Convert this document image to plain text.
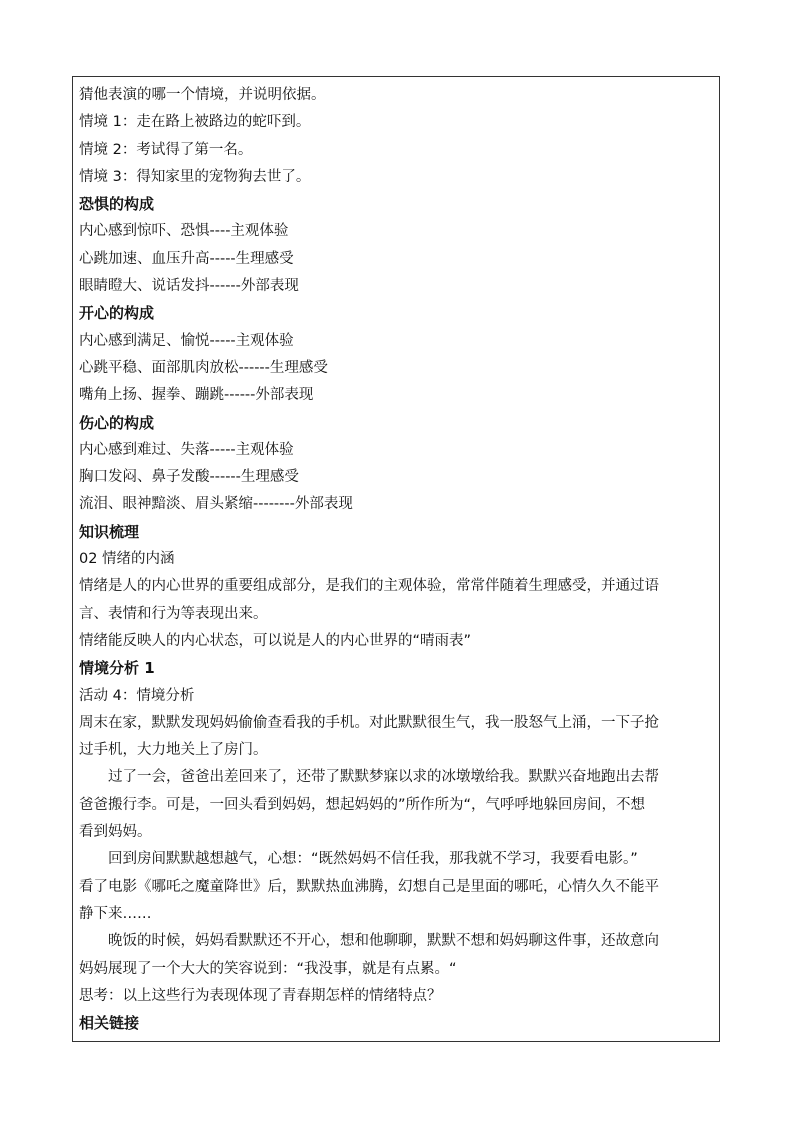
猜他表演的哪一个情境，并说明依据。
情境 1：走在路上被路边的蛇吓到。
情境 2：考试得了第一名。
情境 3：得知家里的宠物狗去世了。
恐惧的构成
内心感到惊吓、恐惧----主观体验
心跳加速、血压升高-----生理感受
眼睛瞪大、说话发抖------外部表现
开心的构成
内心感到满足、愉悦-----主观体验
心跳平稳、面部肌肉放松------生理感受
嘴角上扬、握拳、蹦跳------外部表现
伤心的构成
内心感到难过、失落-----主观体验
胸口发闷、鼻子发酸------生理感受
流泪、眼神黯淡、眉头紧缩--------外部表现
知识梳理
02 情绪的内涵
情绪是人的内心世界的重要组成部分，是我们的主观体验，常常伴随着生理感受，并通过语
言、表情和行为等表现出来。
情绪能反映人的内心状态，可以说是人的内心世界的“晴雨表”
情境分析 1
活动 4：情境分析
周末在家，默默发现妈妈偷偷查看我的手机。对此默默很生气，我一股怒气上涌，一下子抢
过手机，大力地关上了房门。
过了一会，爸爸出差回来了，还带了默默梦寐以求的冰墩墩给我。默默兴奋地跑出去帮
爸爸搬行李。可是，一回头看到妈妈，想起妈妈的”所作所为“，气呼呼地躲回房间，不想
看到妈妈。
回到房间默默越想越气，心想：“既然妈妈不信任我，那我就不学习，我要看电影。”
看了电影《哪吒之魔童降世》后，默默热血沸腾，幻想自己是里面的哪吒，心情久久不能平
静下来……
晚饭的时候，妈妈看默默还不开心，想和他聊聊，默默不想和妈妈聊这件事，还故意向
妈妈展现了一个大大的笑容说到：“我没事，就是有点累。“
思考：以上这些行为表现体现了青春期怎样的情绪特点？
相关链接
